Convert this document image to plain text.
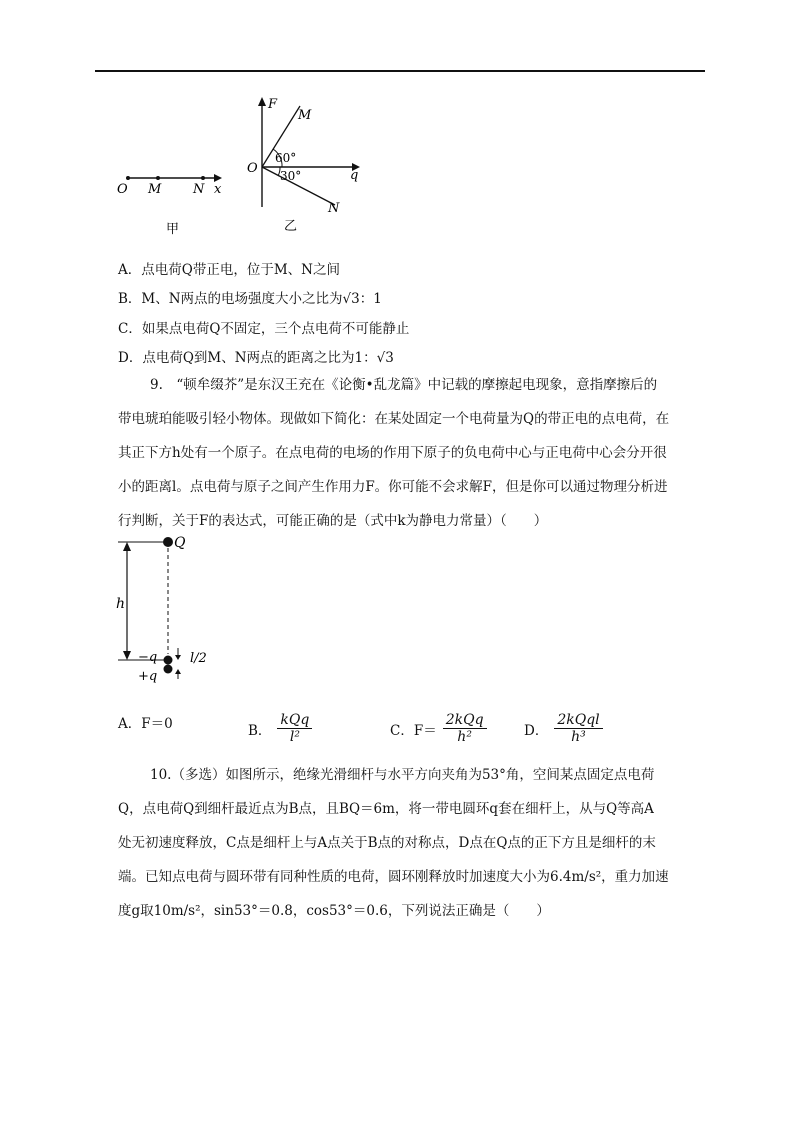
O M N x
甲
F
M
O
60°
30°	q
N
乙
A．点电荷Q带正电，位于M、N之间
B．M、N两点的电场强度大小之比为√3：1
C．如果点电荷Q不固定，三个点电荷不可能静止
D．点电荷Q到M、N两点的距离之比为1：√3
9.　“顿牟缀芥”是东汉王充在《论衡•乱龙篇》中记载的摩擦起电现象，意指摩擦后的
带电琥珀能吸引轻小物体。现做如下简化：在某处固定一个电荷量为Q的带正电的点电荷，在
其正下方h处有一个原子。在点电荷的电场的作用下原子的负电荷中心与正电荷中心会分开很
小的距离l。点电荷与原子之间产生作用力F。你可能不会求解F，但是你可以通过物理分析进
行判断，关于F的表达式，可能正确的是（式中k为静电力常量）（　　）
h
Q
−q
+q
l/2
A．F＝0	B． $\frac{\text{kQq}}{\text{l²}}$	C．$F= \frac{\text{2kQq}}{\text{h²}}$	D． $\frac{\text{2kQql}}{\text{h³}}$
10.（多选）如图所示，绝缘光滑细杆与水平方向夹角为53°角，空间某点固定点电荷
Q，点电荷Q到细杆最近点为B点，且BQ＝6m，将一带电圆环q套在细杆上，从与Q等高A
处无初速度释放，C点是细杆上与A点关于B点的对称点，D点在Q点的正下方且是细杆的末
端。已知点电荷与圆环带有同种性质的电荷，圆环刚释放时加速度大小为6.4m/s²，重力加速
度g取10m/s²，sin53°＝0.8，cos53°＝0.6，下列说法正确是（　　）
